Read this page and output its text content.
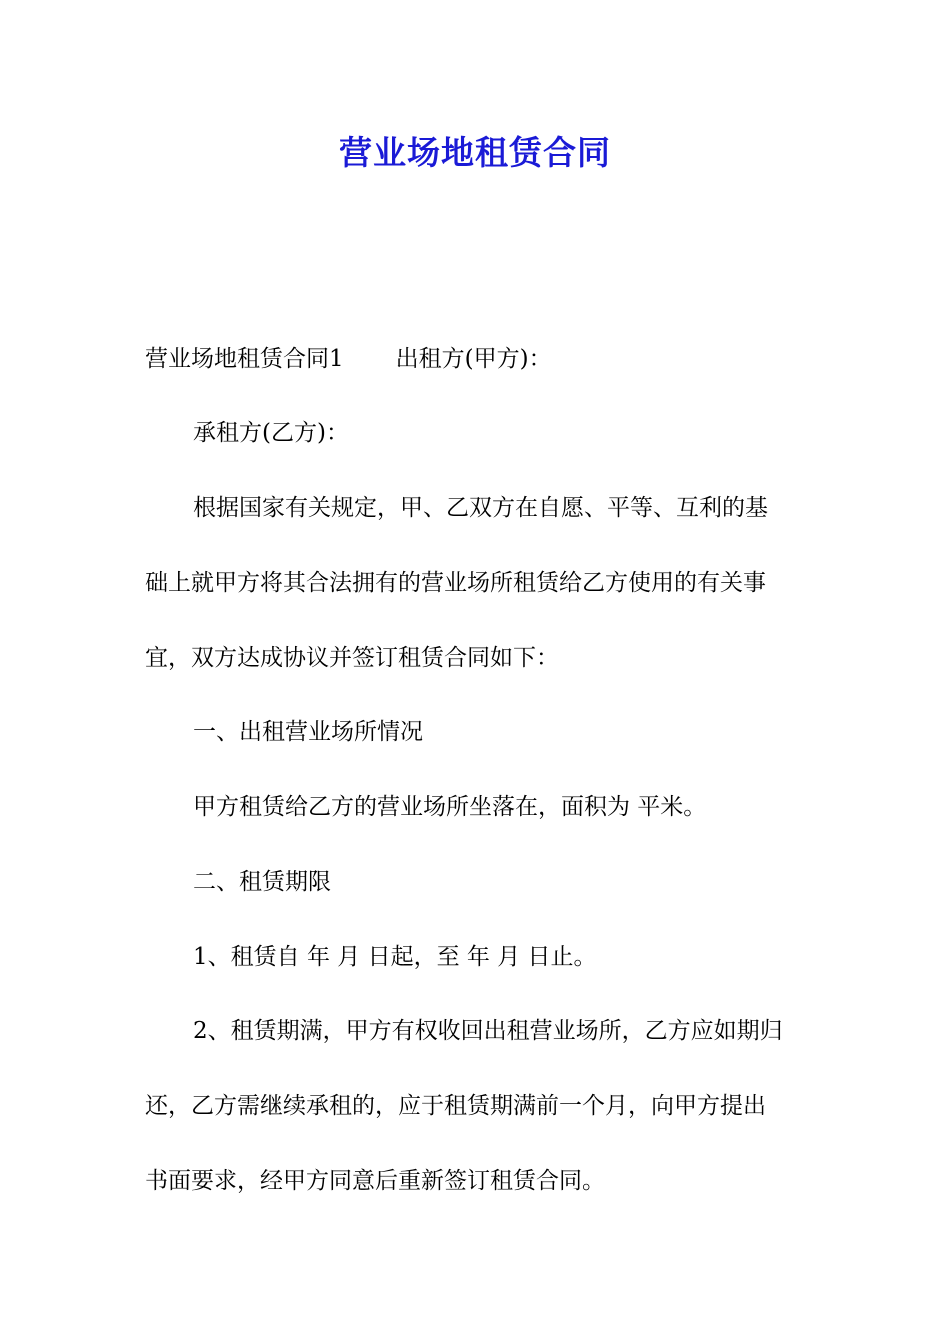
营业场地租赁合同
营业场地租赁合同1 出租方(甲方)：
承租方(乙方)：
根据国家有关规定，甲、乙双方在自愿、平等、互利的基
础上就甲方将其合法拥有的营业场所租赁给乙方使用的有关事
宜，双方达成协议并签订租赁合同如下：
一、出租营业场所情况
甲方租赁给乙方的营业场所坐落在，面积为 平米。
二、租赁期限
1、租赁自 年 月 日起，至 年 月 日止。
2、租赁期满，甲方有权收回出租营业场所，乙方应如期归
还，乙方需继续承租的，应于租赁期满前一个月，向甲方提出
书面要求，经甲方同意后重新签订租赁合同。
